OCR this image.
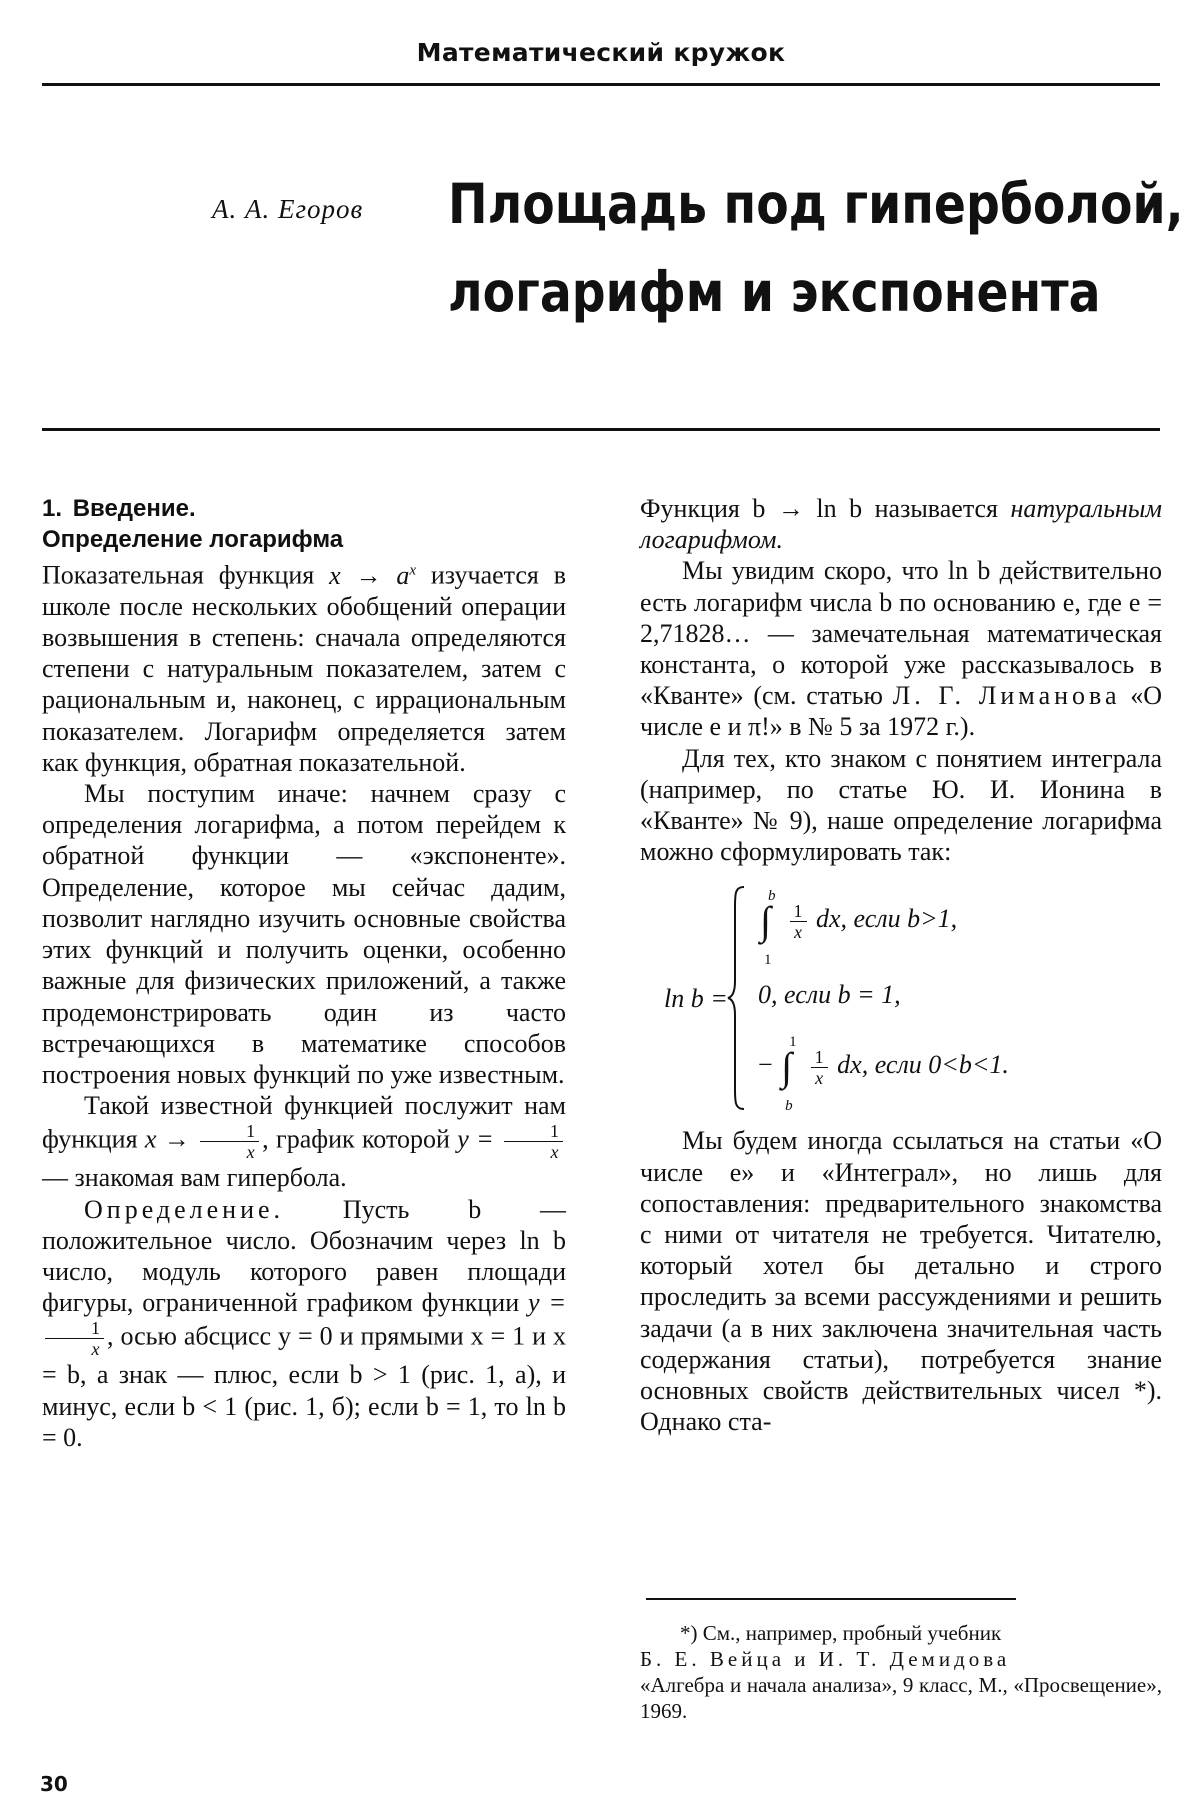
Математический кружок
А. А. Егоров Площадь под гиперболой,
логарифм и экспонента
1. Введение.
Определение логарифма

Показательная функция $x \to a^x$ изучается в школе после нескольких обобщений операции возвышения в степень: сначала определяются степени с натуральным показателем, затем с рациональным и, наконец, с иррациональным показателем. Логарифм определяется затем как функция, обратная показательной.

Мы поступим иначе: начнем сразу с определения логарифма, а потом перейдем к обратной функции — «экспоненте». Определение, которое мы сейчас дадим, позволит наглядно изучить основные свойства этих функций и получить оценки, особенно важные для физических приложений, а также продемонстрировать один из часто встречающихся в математике способов построения новых функций по уже известным.

Такой известной функцией послужит нам функция $x \to \frac{1}{x}$ , график которой $y = \frac{1}{x}$
— знакомая вам гипербола.

Определение. Пусть b — положительное число. Обозначим через ln b число, модуль которого равен площади фигуры, ограниченной графиком функции y =
$\frac{1}{x}$ , осью абсцисс y = 0 и прямыми x = 1 и x = b, а знак — плюс, если b > 1 (рис. 1, а), и минус, если b < 1 (рис. 1, б); если b = 1, то ln b = 0.

Функция b → ln b называется натуральным логарифмом.

Мы увидим скоро, что ln b действительно есть логарифм числа b по основанию e, где e = 2,71828… — замечательная математическая константа, о которой уже рассказывалось в «Кванте» (см. статью Л. Г. Лиманова «О числе e и π!» в № 5 за 1972 г.).

Для тех, кто знаком с понятием интеграла (например, по статье Ю. И. Ионина в «Кванте» № 9), наше определение логарифма можно сформулировать так:

ln b =
∫
b
1

$\frac{1}{x}$ dx, если b>1,
0, если b = 1,
− ∫
1
b

$\frac{1}{x}$ dx, если 0<b<1.

Мы будем иногда ссылаться на статьи «О числе e» и «Интеграл», но лишь для сопоставления: предварительного знакомства с ними от читателя не требуется. Читателю, который хотел бы детально и строго проследить за всеми рассуждениями и решить задачи (а в них заключена значительная часть содержания статьи), потребуется знание основных свойств действительных чисел *). Однако ста-

*) См., например, пробный учебник

Б. Е. Вейца и И. Т. Демидова

«Алгебра и начала анализа», 9 класс, М., «Просвещение», 1969.

30
